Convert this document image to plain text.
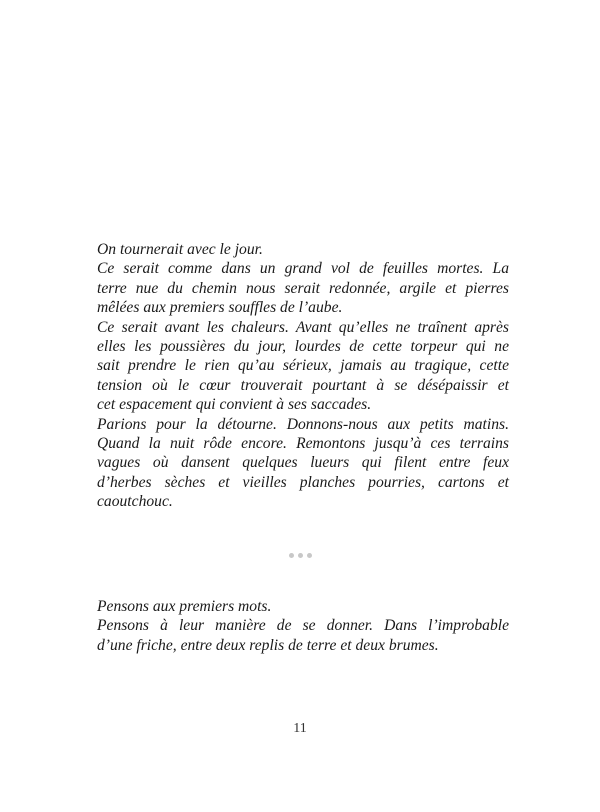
On tournerait avec le jour.
Ce serait comme dans un grand vol de feuilles mortes. La
terre nue du chemin nous serait redonnée, argile et pierres
mêlées aux premiers souffles de l’aube.
Ce serait avant les chaleurs. Avant qu’elles ne traînent après
elles les poussières du jour, lourdes de cette torpeur qui ne
sait prendre le rien qu’au sérieux, jamais au tragique, cette
tension où le cœur trouverait pourtant à se désépaissir et
cet espacement qui convient à ses saccades.
Parions pour la détourne. Donnons-nous aux petits matins.
Quand la nuit rôde encore. Remontons jusqu’à ces terrains
vagues où dansent quelques lueurs qui filent entre feux
d’herbes sèches et vieilles planches pourries, cartons et
caoutchouc.
Pensons aux premiers mots.
Pensons à leur manière de se donner. Dans l’improbable
d’une friche, entre deux replis de terre et deux brumes.
11
